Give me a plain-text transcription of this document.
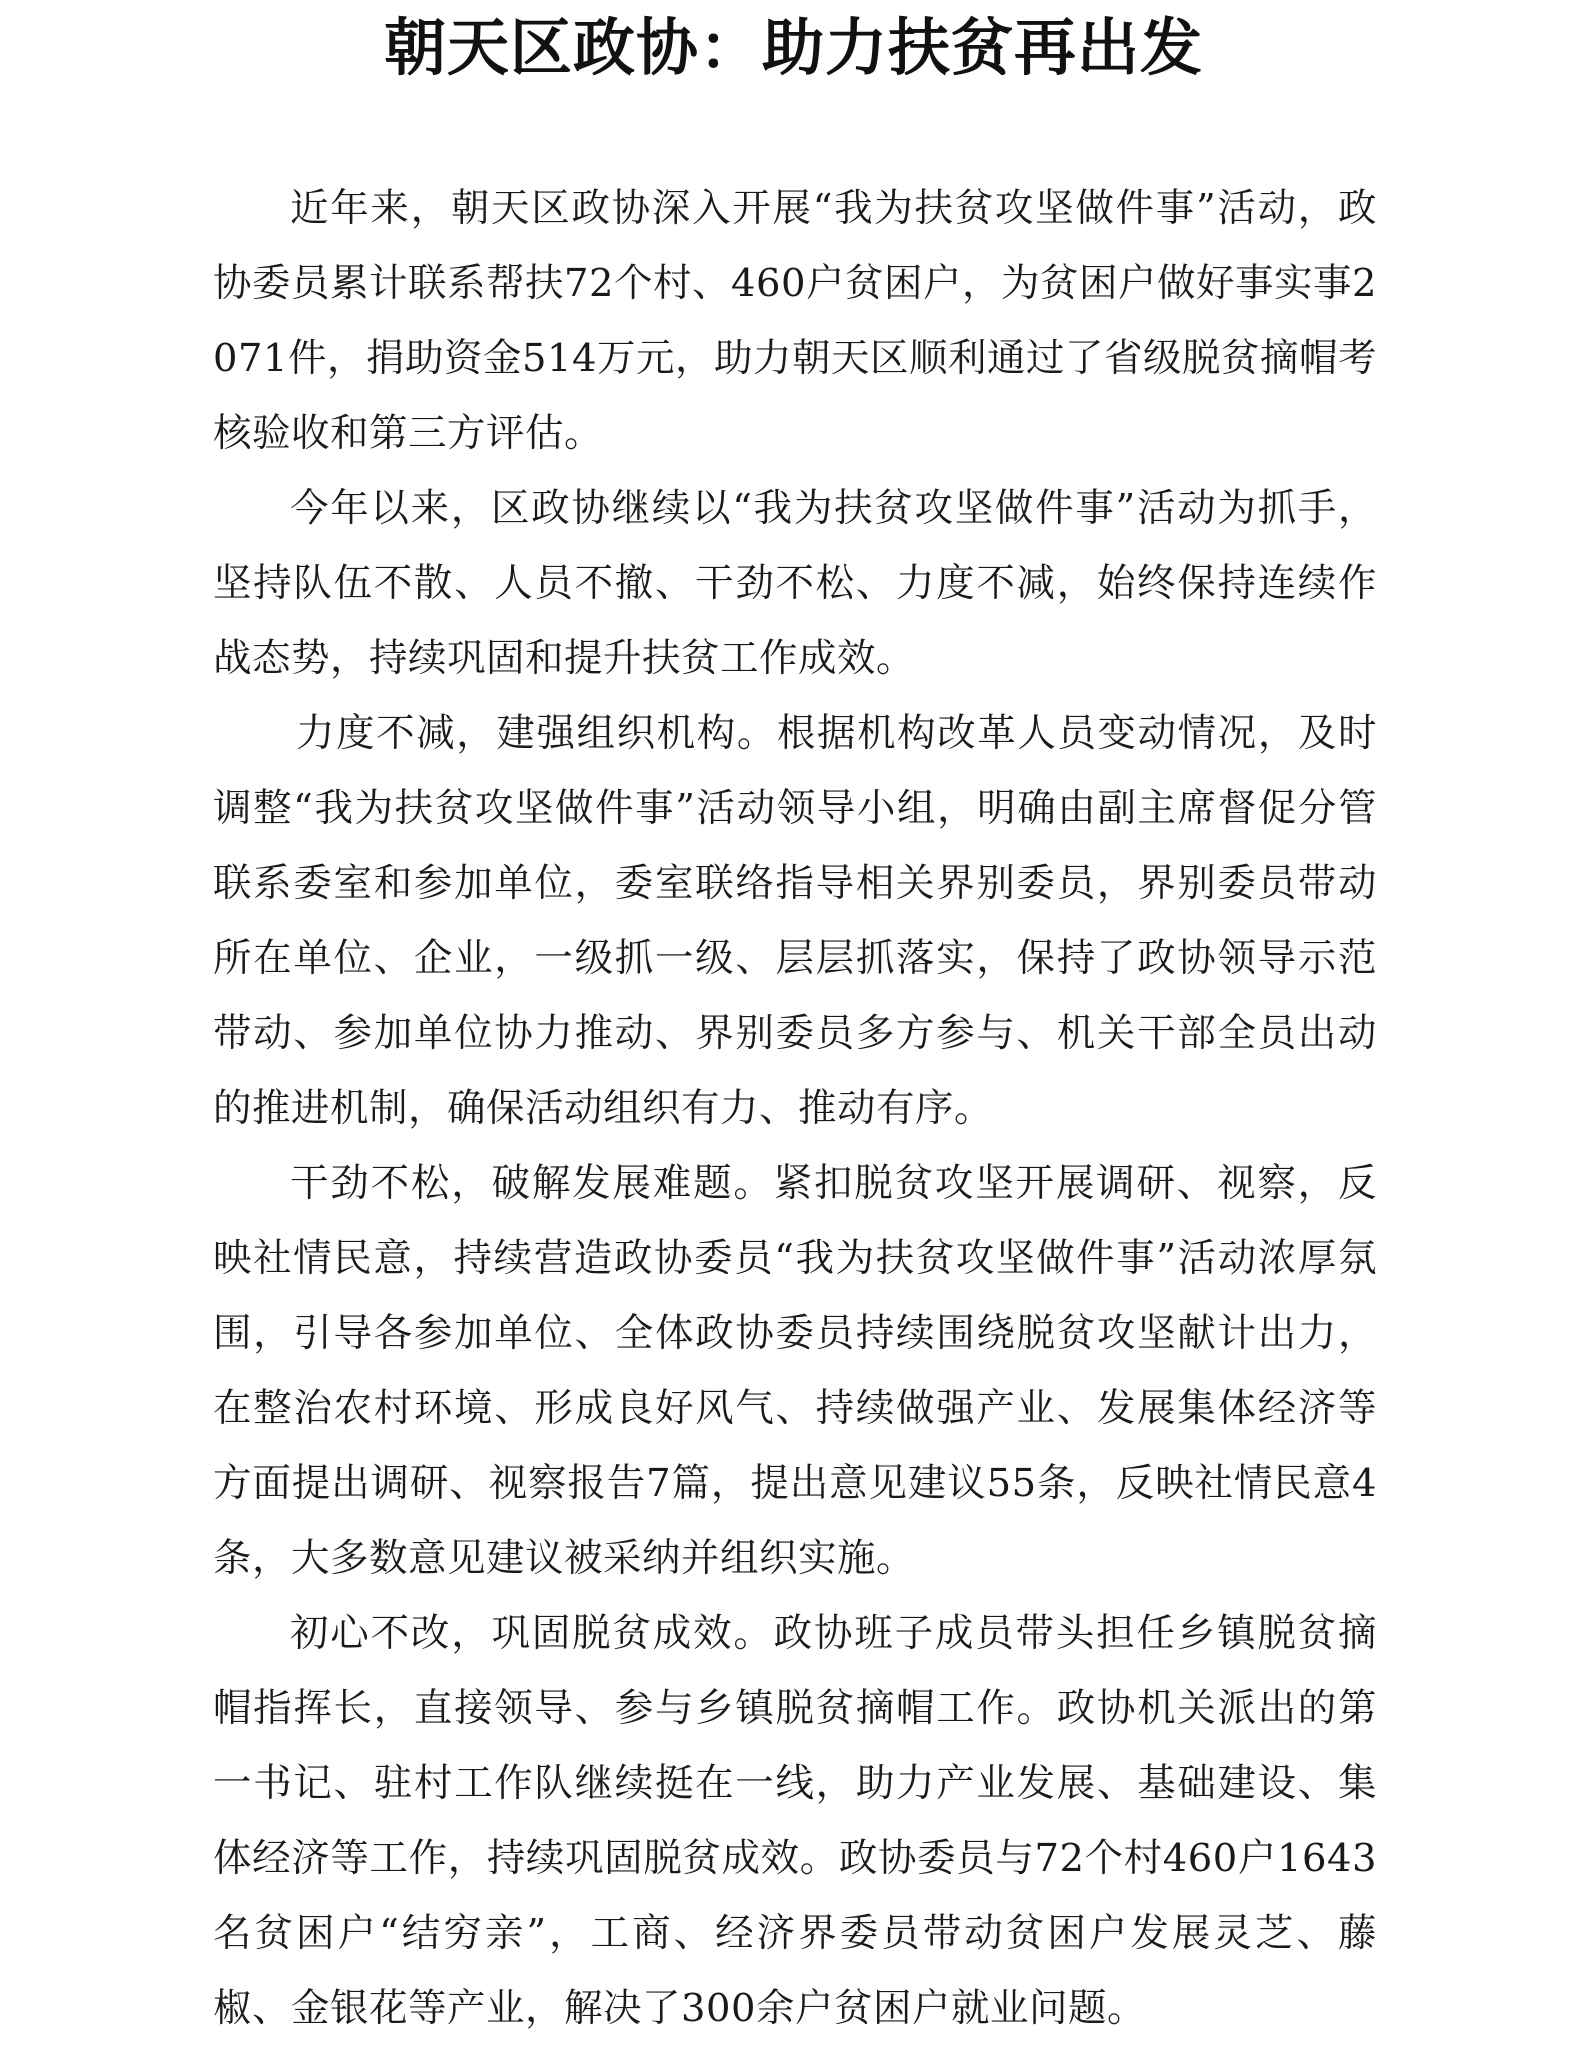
朝天区政协：助力扶贫再出发

近年来，朝天区政协深入开展“我为扶贫攻坚做件事”活动，政协委员累计联系帮扶72个村、460户贫困户，为贫困户做好事实事2071件，捐助资金514万元，助力朝天区顺利通过了省级脱贫摘帽考核验收和第三方评估。

今年以来，区政协继续以“我为扶贫攻坚做件事”活动为抓手，坚持队伍不散、人员不撤、干劲不松、力度不减，始终保持连续作战态势，持续巩固和提升扶贫工作成效。

力度不减，建强组织机构。根据机构改革人员变动情况，及时调整“我为扶贫攻坚做件事”活动领导小组，明确由副主席督促分管联系委室和参加单位，委室联络指导相关界别委员，界别委员带动所在单位、企业，一级抓一级、层层抓落实，保持了政协领导示范带动、参加单位协力推动、界别委员多方参与、机关干部全员出动的推进机制，确保活动组织有力、推动有序。

干劲不松，破解发展难题。紧扣脱贫攻坚开展调研、视察，反映社情民意，持续营造政协委员“我为扶贫攻坚做件事”活动浓厚氛围，引导各参加单位、全体政协委员持续围绕脱贫攻坚献计出力，在整治农村环境、形成良好风气、持续做强产业、发展集体经济等方面提出调研、视察报告7篇，提出意见建议55条，反映社情民意4条，大多数意见建议被采纳并组织实施。

初心不改，巩固脱贫成效。政协班子成员带头担任乡镇脱贫摘帽指挥长，直接领导、参与乡镇脱贫摘帽工作。政协机关派出的第一书记、驻村工作队继续挺在一线，助力产业发展、基础建设、集体经济等工作，持续巩固脱贫成效。政协委员与72个村460户1643名贫困户“结穷亲”，工商、经济界委员带动贫困户发展灵芝、藤椒、金银花等产业，解决了300余户贫困户就业问题。
